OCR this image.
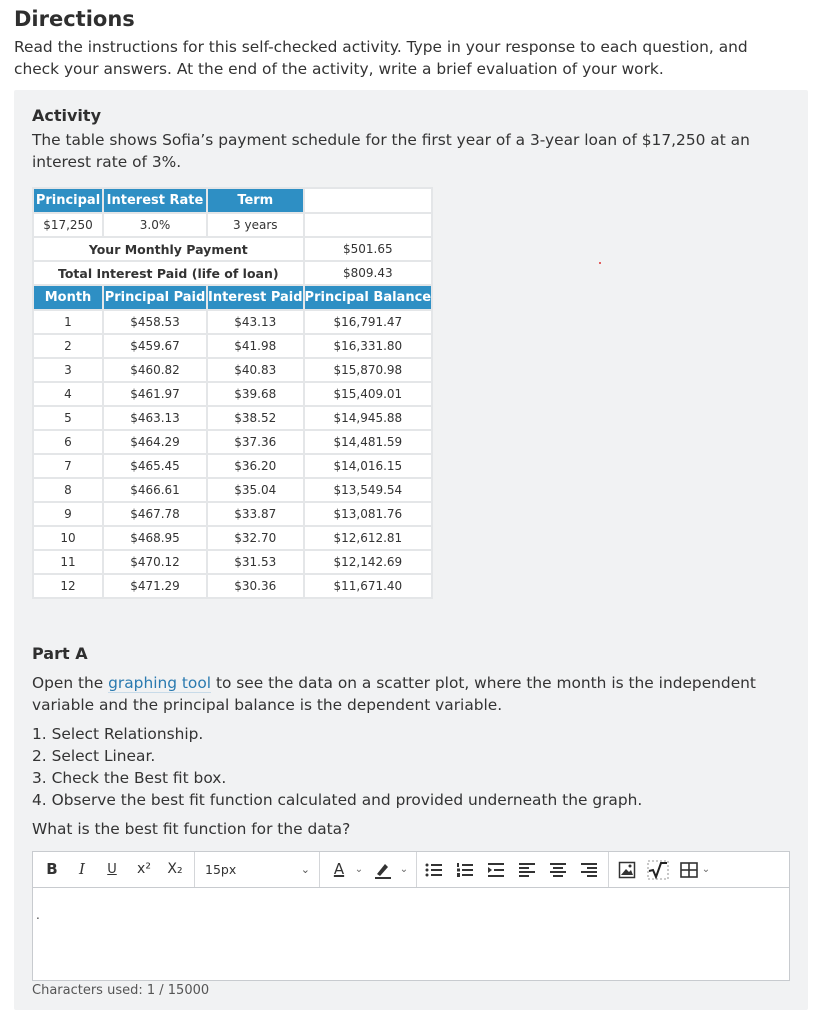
Directions
Read the instructions for this self-checked activity. Type in your response to each question, and check your answers. At the end of the activity, write a brief evaluation of your work.
Activity
The table shows Sofia’s payment schedule for the first year of a 3-year loan of $17,250 at an interest rate of 3%.
Principal	Interest Rate	Term	
$17,250	3.0%	3 years	
Your Monthly Payment			$501.65
Total Interest Paid (life of loan)			$809.43
Month	Principal Paid	Interest Paid	Principal Balance
1	$458.53	$43.13	$16,791.47
2	$459.67	$41.98	$16,331.80
3	$460.82	$40.83	$15,870.98
4	$461.97	$39.68	$15,409.01
5	$463.13	$38.52	$14,945.88
6	$464.29	$37.36	$14,481.59
7	$465.45	$36.20	$14,016.15
8	$466.61	$35.04	$13,549.54
9	$467.78	$33.87	$13,081.76
10	$468.95	$32.70	$12,612.81
11	$470.12	$31.53	$12,142.69
12	$471.29	$30.36	$11,671.40
Part A
Open the graphing tool to see the data on a scatter plot, where the month is the independent variable and the principal balance is the dependent variable.
1. Select Relationship.
2. Select Linear.
3. Check the Best fit box.
4. Observe the best fit function calculated and provided underneath the graph.
What is the best fit function for the data?
B	I	U	x²	X₂	15px	⌄	A	⌄	⌄	⌄
.
Characters used: 1 / 15000
